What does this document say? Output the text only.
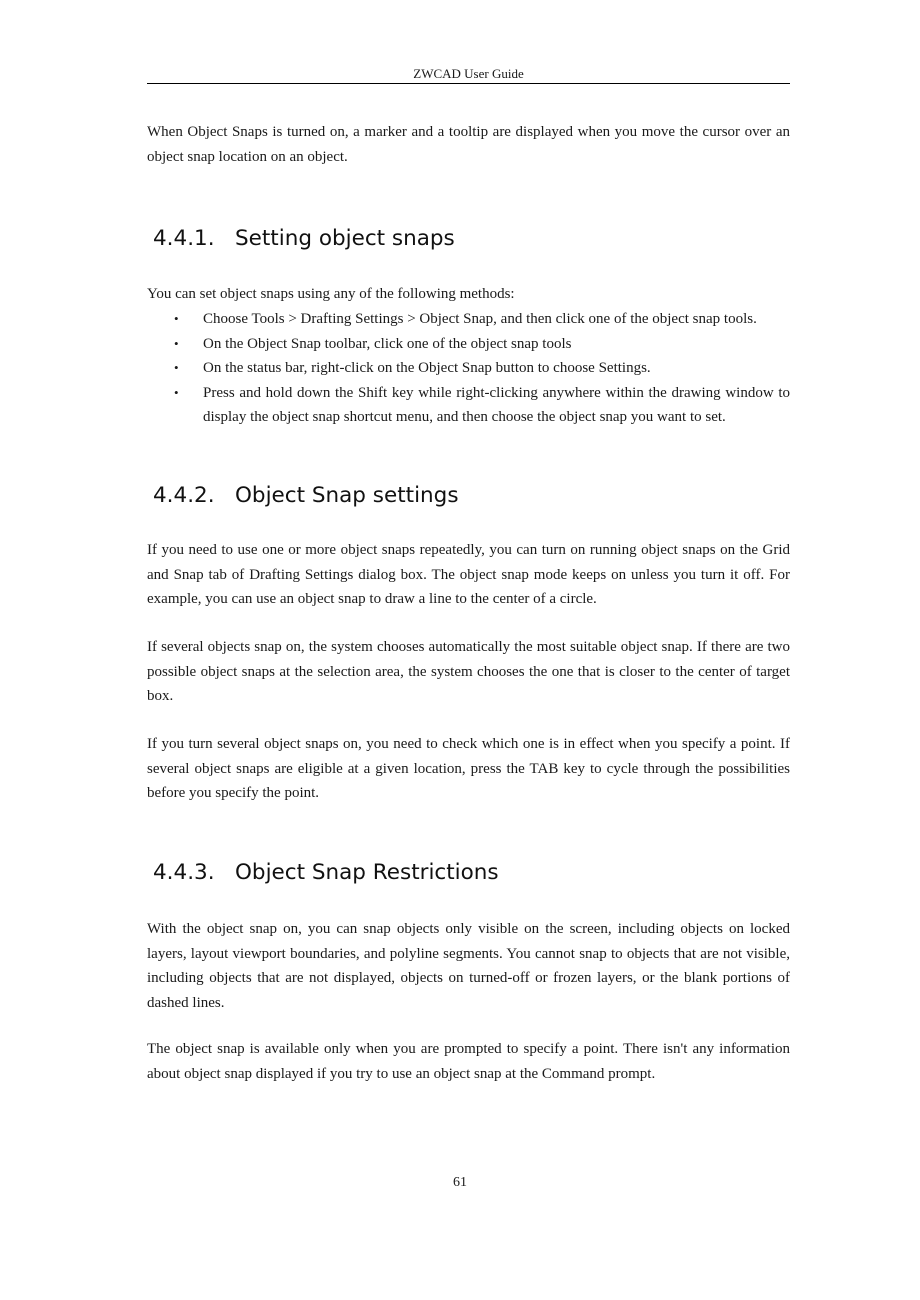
ZWCAD User Guide

When Object Snaps is turned on, a marker and a tooltip are displayed when you move the cursor over an object snap location on an object.

4.4.1. Setting object snaps

You can set object snaps using any of the following methods:

• Choose Tools > Drafting Settings > Object Snap, and then click one of the object snap tools.
• On the Object Snap toolbar, click one of the object snap tools
• On the status bar, right-click on the Object Snap button to choose Settings.
• Press and hold down the Shift key while right-clicking anywhere within the drawing window to display the object snap shortcut menu, and then choose the object snap you want to set.
4.4.2. Object Snap settings

If you need to use one or more object snaps repeatedly, you can turn on running object snaps on the Grid and Snap tab of Drafting Settings dialog box. The object snap mode keeps on unless you turn it off. For example, you can use an object snap to draw a line to the center of a circle.

If several objects snap on, the system chooses automatically the most suitable object snap. If there are two possible object snaps at the selection area, the system chooses the one that is closer to the center of target box.

If you turn several object snaps on, you need to check which one is in effect when you specify a point. If several object snaps are eligible at a given location, press the TAB key to cycle through the possibilities before you specify the point.

4.4.3. Object Snap Restrictions

With the object snap on, you can snap objects only visible on the screen, including objects on locked layers, layout viewport boundaries, and polyline segments. You cannot snap to objects that are not visible, including objects that are not displayed, objects on turned-off or frozen layers, or the blank portions of dashed lines.

The object snap is available only when you are prompted to specify a point. There isn't any information about object snap displayed if you try to use an object snap at the Command prompt.

61
